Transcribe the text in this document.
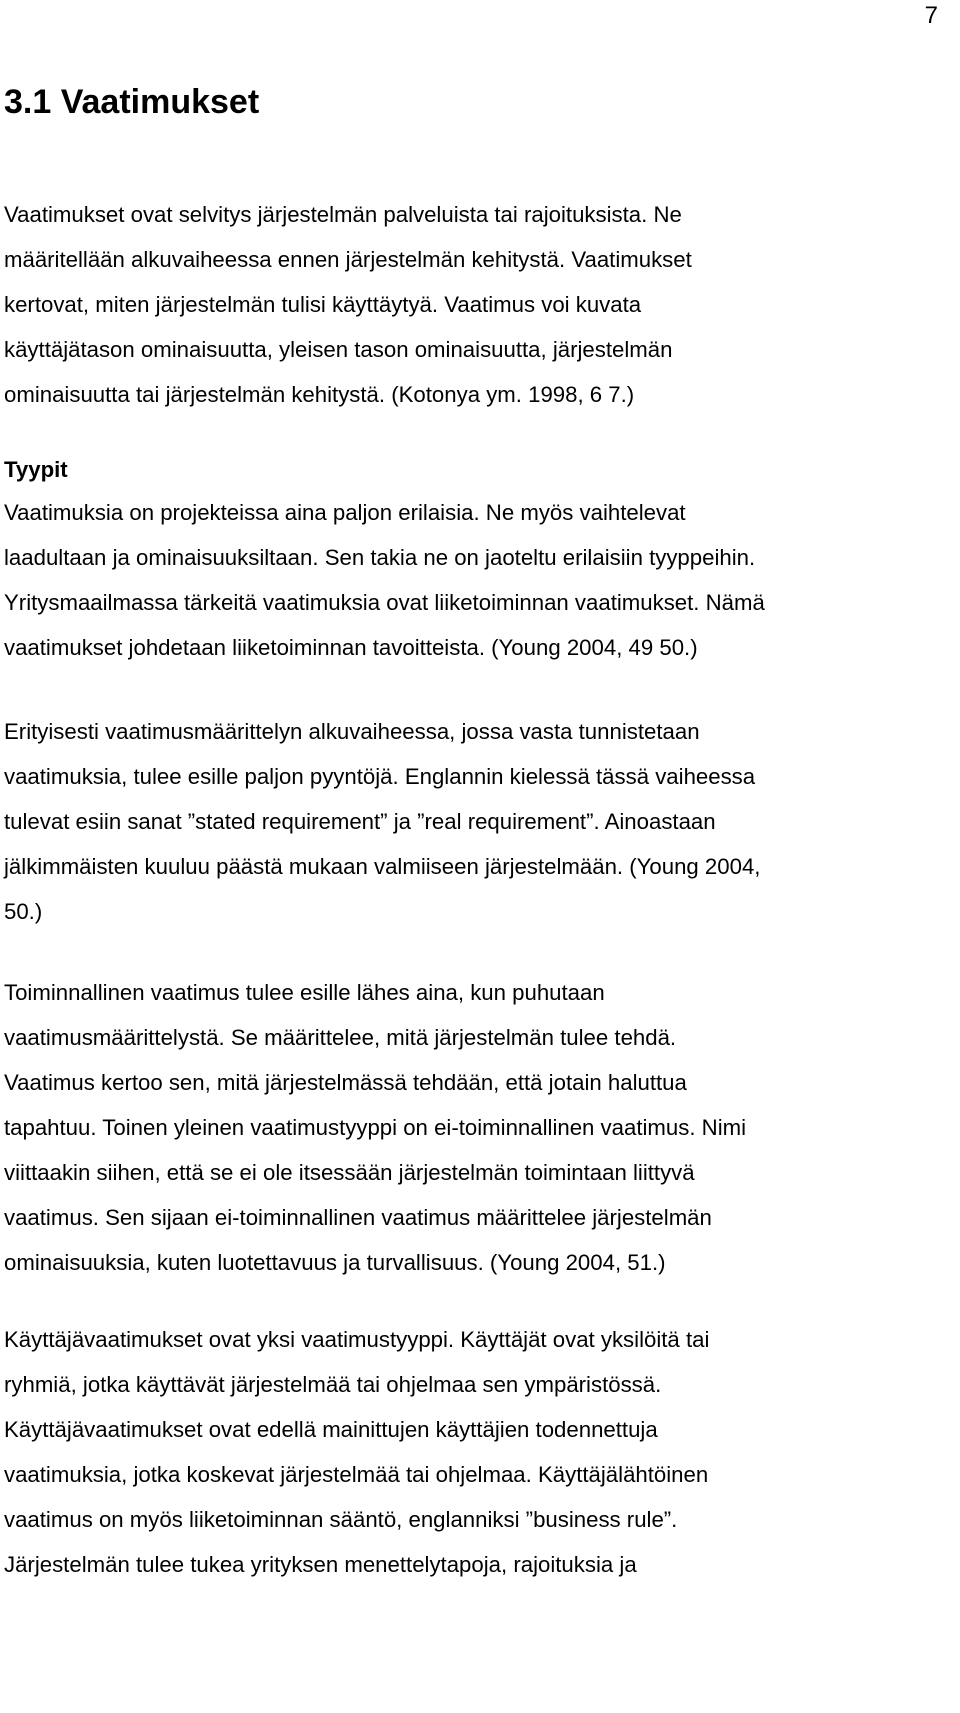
7
3.1 Vaatimukset

Vaatimukset ovat selvitys järjestelmän palveluista tai rajoituksista. Ne
määritellään alkuvaiheessa ennen järjestelmän kehitystä. Vaatimukset
kertovat, miten järjestelmän tulisi käyttäytyä. Vaatimus voi kuvata
käyttäjätason ominaisuutta, yleisen tason ominaisuutta, järjestelmän
ominaisuutta tai järjestelmän kehitystä. (Kotonya ym. 1998, 6 7.)

Tyypit

Vaatimuksia on projekteissa aina paljon erilaisia. Ne myös vaihtelevat
laadultaan ja ominaisuuksiltaan. Sen takia ne on jaoteltu erilaisiin tyyppeihin.
Yritysmaailmassa tärkeitä vaatimuksia ovat liiketoiminnan vaatimukset. Nämä
vaatimukset johdetaan liiketoiminnan tavoitteista. (Young 2004, 49 50.)

Erityisesti vaatimusmäärittelyn alkuvaiheessa, jossa vasta tunnistetaan
vaatimuksia, tulee esille paljon pyyntöjä. Englannin kielessä tässä vaiheessa
tulevat esiin sanat ”stated requirement” ja ”real requirement”. Ainoastaan
jälkimmäisten kuuluu päästä mukaan valmiiseen järjestelmään. (Young 2004,
50.)

Toiminnallinen vaatimus tulee esille lähes aina, kun puhutaan
vaatimusmäärittelystä. Se määrittelee, mitä järjestelmän tulee tehdä.
Vaatimus kertoo sen, mitä järjestelmässä tehdään, että jotain haluttua
tapahtuu. Toinen yleinen vaatimustyyppi on ei-toiminnallinen vaatimus. Nimi
viittaakin siihen, että se ei ole itsessään järjestelmän toimintaan liittyvä
vaatimus. Sen sijaan ei-toiminnallinen vaatimus määrittelee järjestelmän
ominaisuuksia, kuten luotettavuus ja turvallisuus. (Young 2004, 51.)

Käyttäjävaatimukset ovat yksi vaatimustyyppi. Käyttäjät ovat yksilöitä tai
ryhmiä, jotka käyttävät järjestelmää tai ohjelmaa sen ympäristössä.
Käyttäjävaatimukset ovat edellä mainittujen käyttäjien todennettuja
vaatimuksia, jotka koskevat järjestelmää tai ohjelmaa. Käyttäjälähtöinen
vaatimus on myös liiketoiminnan sääntö, englanniksi ”business rule”.
Järjestelmän tulee tukea yrityksen menettelytapoja, rajoituksia ja
